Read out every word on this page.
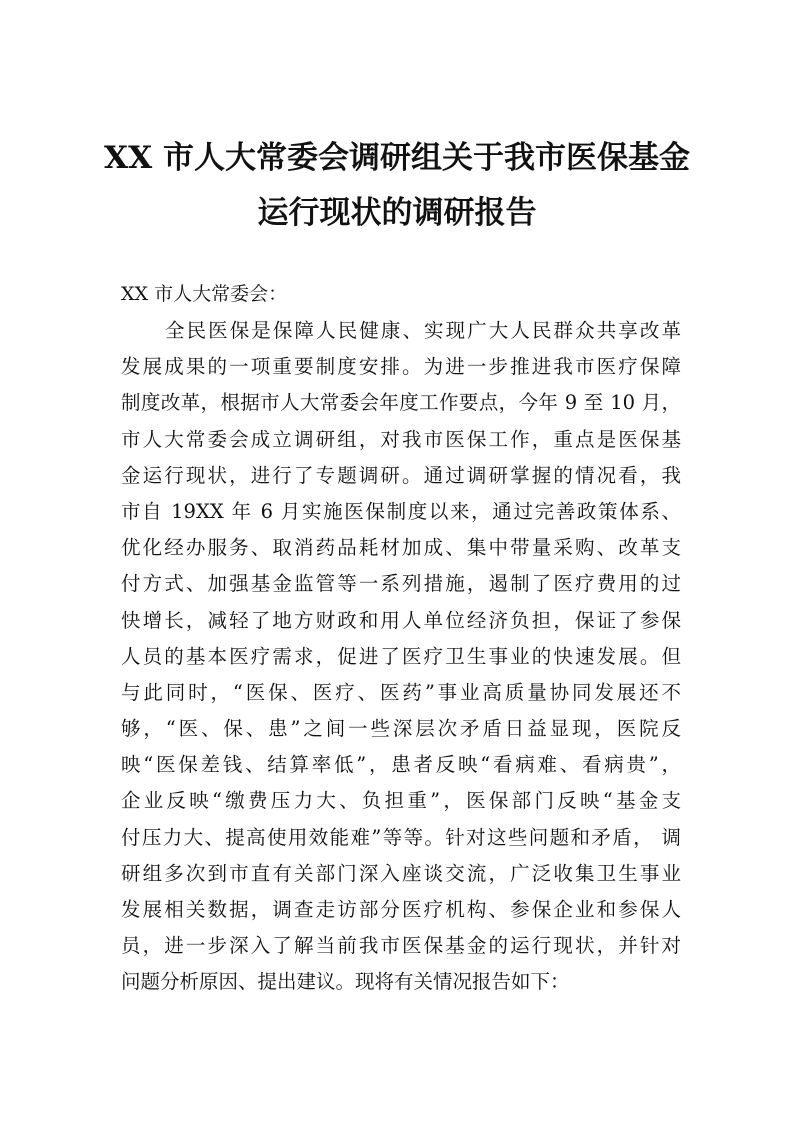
XX 市人大常委会调研组关于我市医保基金
运行现状的调研报告
XX 市人大常委会：
全民医保是保障人民健康、实现广大人民群众共享改革
发展成果的一项重要制度安排。为进一步推进我市医疗保障
制度改革，根据市人大常委会年度工作要点，今年 9 至 10 月，
市人大常委会成立调研组，对我市医保工作，重点是医保基
金运行现状，进行了专题调研。通过调研掌握的情况看，我
市自 19XX 年 6 月实施医保制度以来，通过完善政策体系、
优化经办服务、取消药品耗材加成、集中带量采购、改革支
付方式、加强基金监管等一系列措施，遏制了医疗费用的过
快增长，减轻了地方财政和用人单位经济负担，保证了参保
人员的基本医疗需求，促进了医疗卫生事业的快速发展。但
与此同时，“医保、医疗、医药”事业高质量协同发展还不
够，“医、保、患”之间一些深层次矛盾日益显现，医院反
映“医保差钱、结算率低”，患者反映“看病难、看病贵”，
企业反映“缴费压力大、负担重”，医保部门反映“基金支
付压力大、提高使用效能难”等等。针对这些问题和矛盾， 调
研组多次到市直有关部门深入座谈交流，广泛收集卫生事业
发展相关数据，调查走访部分医疗机构、参保企业和参保人
员，进一步深入了解当前我市医保基金的运行现状，并针对
问题分析原因、提出建议。现将有关情况报告如下：
